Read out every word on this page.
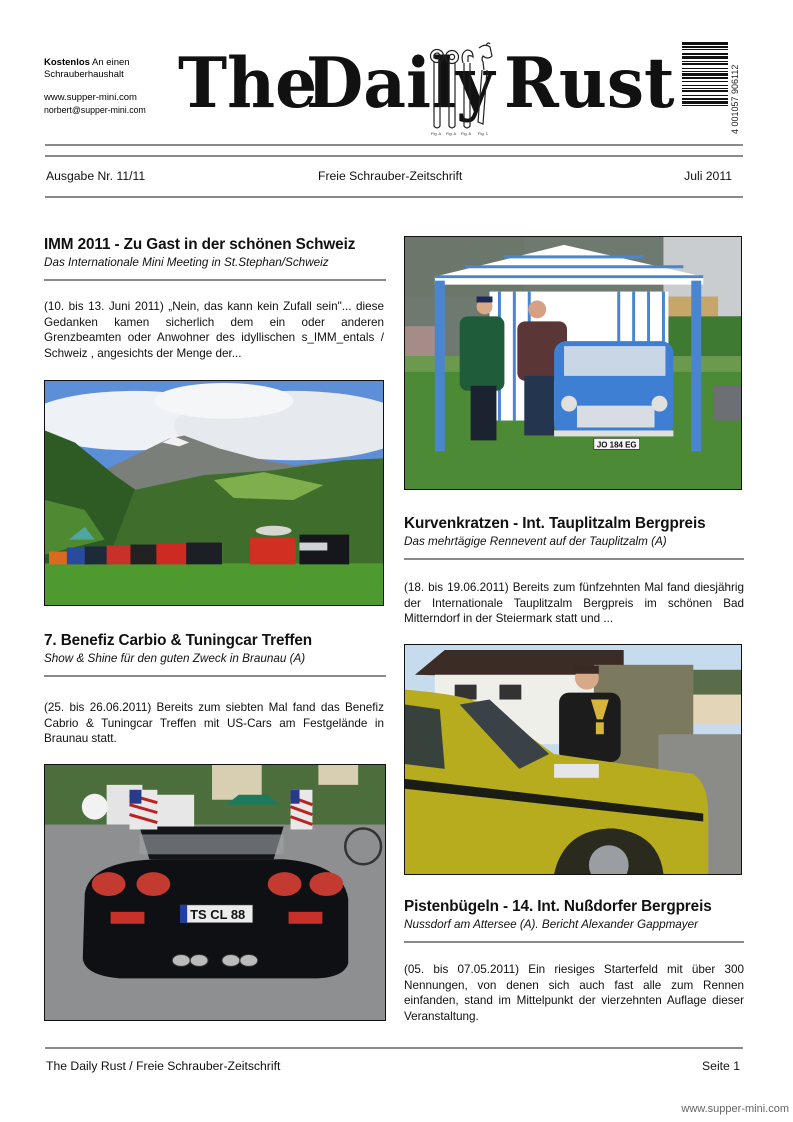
Kostenlos An einen
Schrauberhaushalt
www.supper-mini.com
norbert@supper-mini.com The
Daily
Fig. A Fig. A Fig. A Fig. 1
Rust	4 001057 906112
Ausgabe Nr. 11/11	Freie Schrauber-Zeitschrift	Juli 2011
IMM 2011 - Zu Gast in der schönen Schweiz
Das Internationale Mini Meeting in St.Stephan/Schweiz
(10. bis 13. Juni 2011) „Nein, das kann kein Zufall sein"... diese Gedanken kamen sicherlich dem ein oder anderen Grenzbeamten oder Anwohner des idyllischen s_IMM_entals / Schweiz , angesichts der Menge der...
7. Benefiz Carbio & Tuningcar Treffen
Show & Shine für den guten Zweck in Braunau (A)
(25. bis 26.06.2011) Bereits zum siebten Mal fand das Benefiz Cabrio & Tuningcar Treffen mit US-Cars am Festgelände in Braunau statt.
TS CL 88
JO 184 EG
Kurvenkratzen - Int. Tauplitzalm Bergpreis
Das mehrtägige Rennevent auf der Tauplitzalm (A)
(18. bis 19.06.2011) Bereits zum fünfzehnten Mal fand diesjährig der Internationale Tauplitzalm Bergpreis im schönen Bad Mitterndorf in der Steiermark statt und ...
Pistenbügeln - 14. Int. Nußdorfer Bergpreis
Nussdorf am Attersee (A). Bericht Alexander Gappmayer
(05. bis 07.05.2011) Ein riesiges Starterfeld mit über 300 Nennungen, von denen sich auch fast alle zum Rennen einfanden, stand im Mittelpunkt der vierzehnten Auflage dieser Veranstaltung.
The Daily Rust / Freie Schrauber-Zeitschrift	Seite 1
www.supper-mini.com
